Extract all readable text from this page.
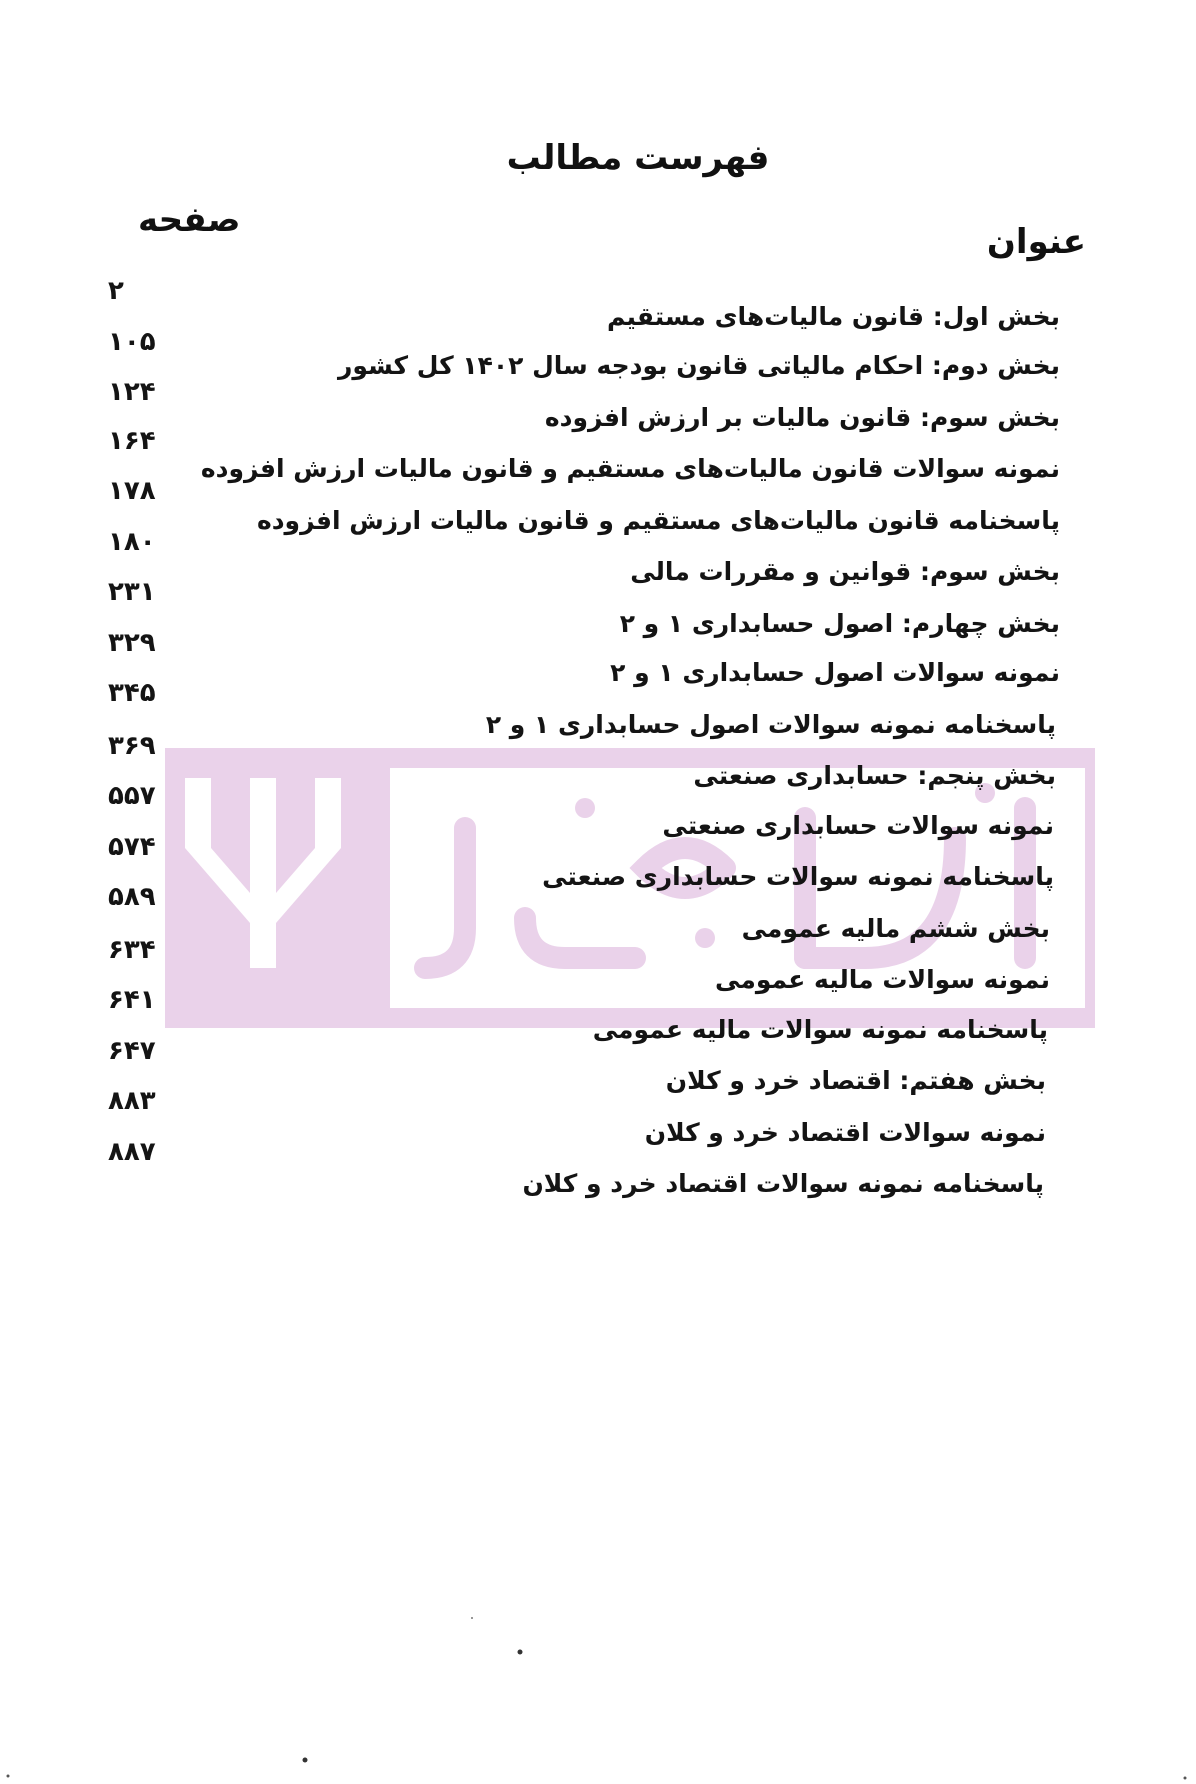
فهرست مطالب
عنوان
صفحه
بخش اول: قانون مالیات‌های مستقیم
۲
بخش دوم: احکام مالیاتی قانون بودجه سال ۱۴۰۲ کل کشور
۱۰۵
بخش سوم: قانون مالیات بر ارزش افزوده
۱۲۴
نمونه سوالات قانون مالیات‌های مستقیم و قانون مالیات ارزش افزوده
۱۶۴
پاسخنامه قانون مالیات‌های مستقیم و قانون مالیات ارزش افزوده
۱۷۸
بخش سوم: قوانین و مقررات مالی
۱۸۰
بخش چهارم: اصول حسابداری ۱ و ۲
۲۳۱
نمونه سوالات اصول حسابداری ۱ و ۲
۳۲۹
پاسخنامه نمونه سوالات اصول حسابداری ۱ و ۲
۳۴۵
بخش پنجم: حسابداری صنعتی
۳۶۹
نمونه سوالات حسابداری صنعتی
۵۵۷
پاسخنامه نمونه سوالات حسابداری صنعتی
۵۷۴
بخش ششم مالیه عمومی
۵۸۹
نمونه سوالات مالیه عمومی
۶۳۴
پاسخنامه نمونه سوالات مالیه عمومی
۶۴۱
بخش هفتم: اقتصاد خرد و کلان
۶۴۷
نمونه سوالات اقتصاد خرد و کلان
۸۸۳
پاسخنامه نمونه سوالات اقتصاد خرد و کلان
۸۸۷
